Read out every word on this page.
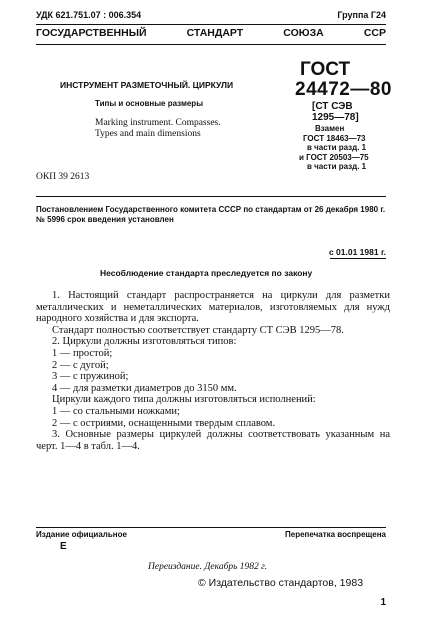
УДК 621.751.07 : 006.354	Группа Г24
ГОСУДАРСТВЕННЫЙ СТАНДАРТ СОЮЗА ССР
ИНСТРУМЕНТ РАЗМЕТОЧНЫЙ. ЦИРКУЛИ
Типы и основные размеры
Marking instrument. Compasses.
Types and main dimensions
ГОСТ
24472—80
[СТ СЭВ
1295—78]
Взамен
ГОСТ 18463—73
в части разд. 1
и ГОСТ 20503—75
в части разд. 1
ОКП 39 2613
Постановлением Государственного комитета СССР по стандартам от 26 декабря 1980 г. № 5996 срок введения установлен
с 01.01 1981 г.
Несоблюдение стандарта преследуется по закону

1. Настоящий стандарт распространяется на циркули для разметки металлических и неметаллических материалов, изготовляемых для нужд народного хозяйства и для экспорта.

Стандарт полностью соответствует стандарту СТ СЭВ 1295—78.

2. Циркули должны изготовляться типов:

1 — простой;

2 — с дугой;

3 — с пружиной;

4 — для разметки диаметров до 3150 мм.

Циркули каждого типа должны изготовляться исполнений:

1 — со стальными ножками;

2 — с остриями, оснащенными твердым сплавом.

3. Основные размеры циркулей должны соответствовать указанным на черт. 1—4 в табл. 1—4.

Издание официальное
Е
Перепечатка воспрещена
Переиздание. Декабрь 1982 г.
© Издательство стандартов, 1983
1
